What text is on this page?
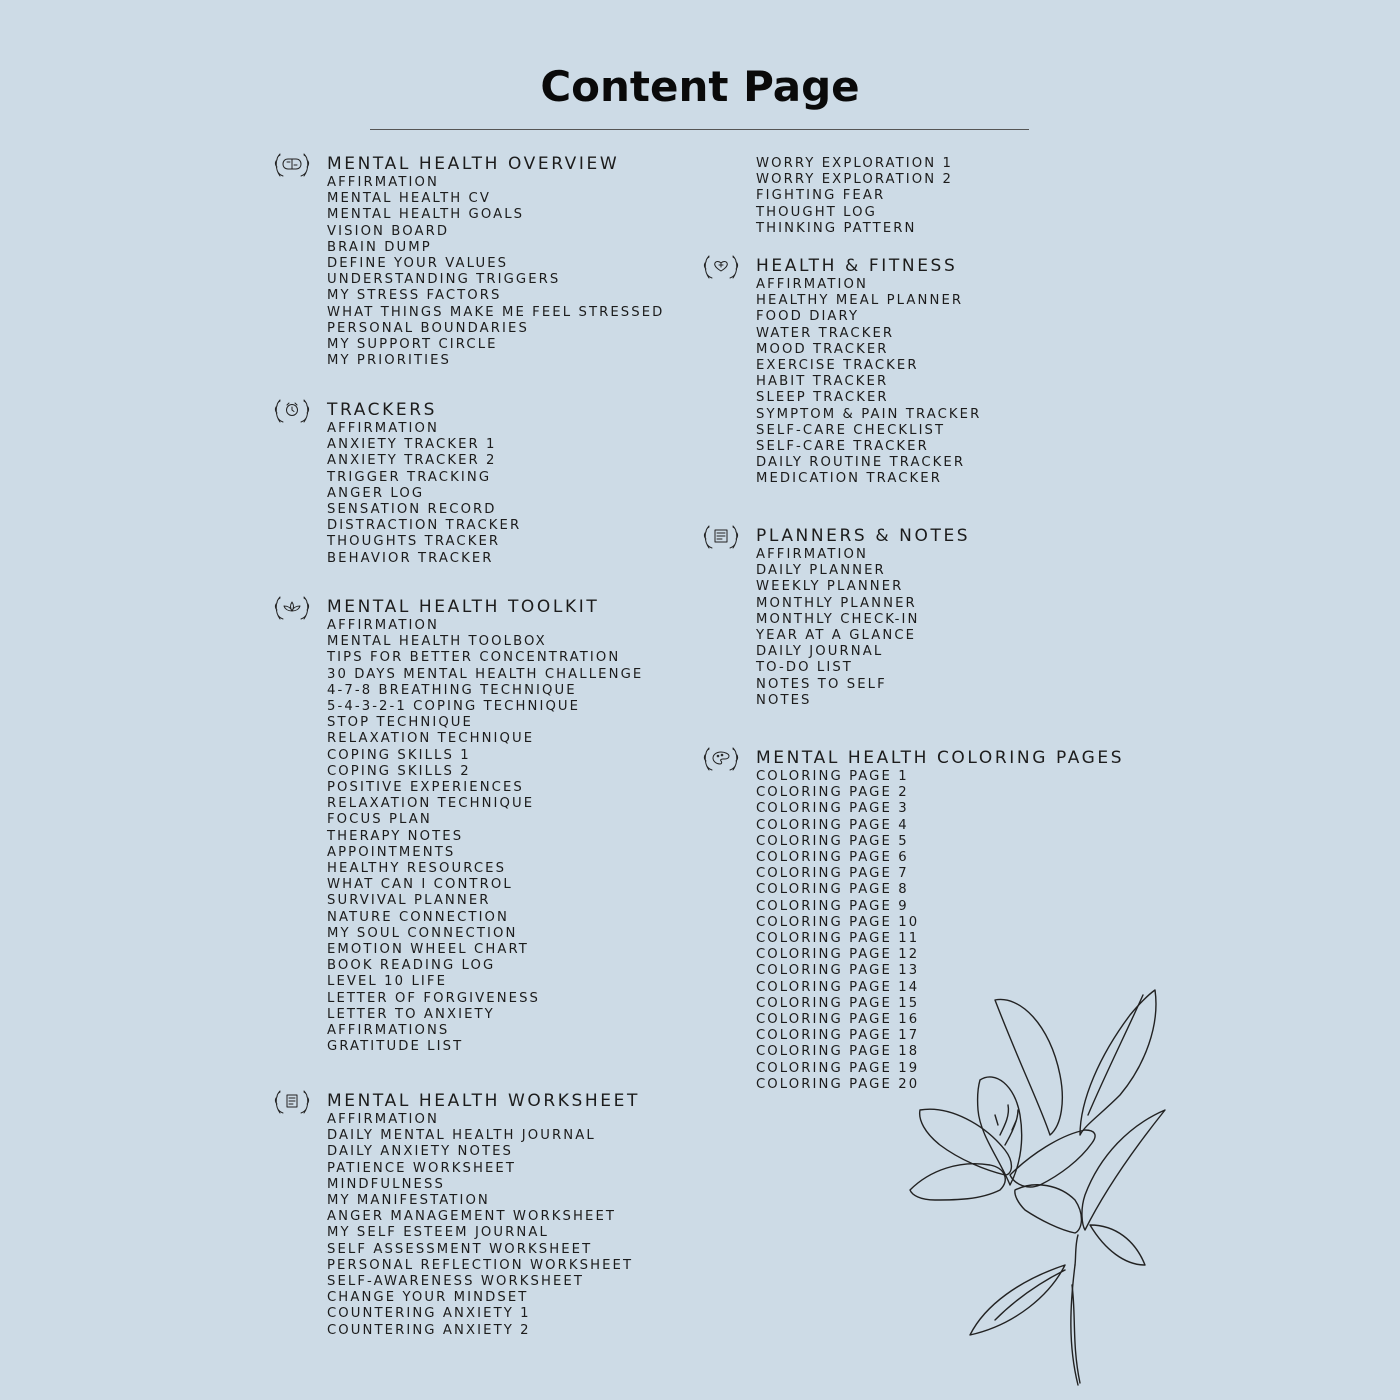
Content Page
MENTAL HEALTH OVERVIEW
AFFIRMATION
MENTAL HEALTH CV
MENTAL HEALTH GOALS
VISION BOARD
BRAIN DUMP
DEFINE YOUR VALUES
UNDERSTANDING TRIGGERS
MY STRESS FACTORS
WHAT THINGS MAKE ME FEEL STRESSED
PERSONAL BOUNDARIES
MY SUPPORT CIRCLE
MY PRIORITIES
TRACKERS
AFFIRMATION
ANXIETY TRACKER 1
ANXIETY TRACKER 2
TRIGGER TRACKING
ANGER LOG
SENSATION RECORD
DISTRACTION TRACKER
THOUGHTS TRACKER
BEHAVIOR TRACKER
MENTAL HEALTH TOOLKIT
AFFIRMATION
MENTAL HEALTH TOOLBOX
TIPS FOR BETTER CONCENTRATION
30 DAYS MENTAL HEALTH CHALLENGE
4-7-8 BREATHING TECHNIQUE
5-4-3-2-1 COPING TECHNIQUE
STOP TECHNIQUE
RELAXATION TECHNIQUE
COPING SKILLS 1
COPING SKILLS 2
POSITIVE EXPERIENCES
RELAXATION TECHNIQUE
FOCUS PLAN
THERAPY NOTES
APPOINTMENTS
HEALTHY RESOURCES
WHAT CAN I CONTROL
SURVIVAL PLANNER
NATURE CONNECTION
MY SOUL CONNECTION
EMOTION WHEEL CHART
BOOK READING LOG
LEVEL 10 LIFE
LETTER OF FORGIVENESS
LETTER TO ANXIETY
AFFIRMATIONS
GRATITUDE LIST
MENTAL HEALTH WORKSHEET
AFFIRMATION
DAILY MENTAL HEALTH JOURNAL
DAILY ANXIETY NOTES
PATIENCE WORKSHEET
MINDFULNESS
MY MANIFESTATION
ANGER MANAGEMENT WORKSHEET
MY SELF ESTEEM JOURNAL
SELF ASSESSMENT WORKSHEET
PERSONAL REFLECTION WORKSHEET
SELF-AWARENESS WORKSHEET
CHANGE YOUR MINDSET
COUNTERING ANXIETY 1
COUNTERING ANXIETY 2
WORRY EXPLORATION 1
WORRY EXPLORATION 2
FIGHTING FEAR
THOUGHT LOG
THINKING PATTERN
HEALTH & FITNESS
AFFIRMATION
HEALTHY MEAL PLANNER
FOOD DIARY
WATER TRACKER
MOOD TRACKER
EXERCISE TRACKER
HABIT TRACKER
SLEEP TRACKER
SYMPTOM & PAIN TRACKER
SELF-CARE CHECKLIST
SELF-CARE TRACKER
DAILY ROUTINE TRACKER
MEDICATION TRACKER
PLANNERS & NOTES
AFFIRMATION
DAILY PLANNER
WEEKLY PLANNER
MONTHLY PLANNER
MONTHLY CHECK-IN
YEAR AT A GLANCE
DAILY JOURNAL
TO-DO LIST
NOTES TO SELF
NOTES
MENTAL HEALTH COLORING PAGES
COLORING PAGE 1
COLORING PAGE 2
COLORING PAGE 3
COLORING PAGE 4
COLORING PAGE 5
COLORING PAGE 6
COLORING PAGE 7
COLORING PAGE 8
COLORING PAGE 9
COLORING PAGE 10
COLORING PAGE 11
COLORING PAGE 12
COLORING PAGE 13
COLORING PAGE 14
COLORING PAGE 15
COLORING PAGE 16
COLORING PAGE 17
COLORING PAGE 18
COLORING PAGE 19
COLORING PAGE 20
